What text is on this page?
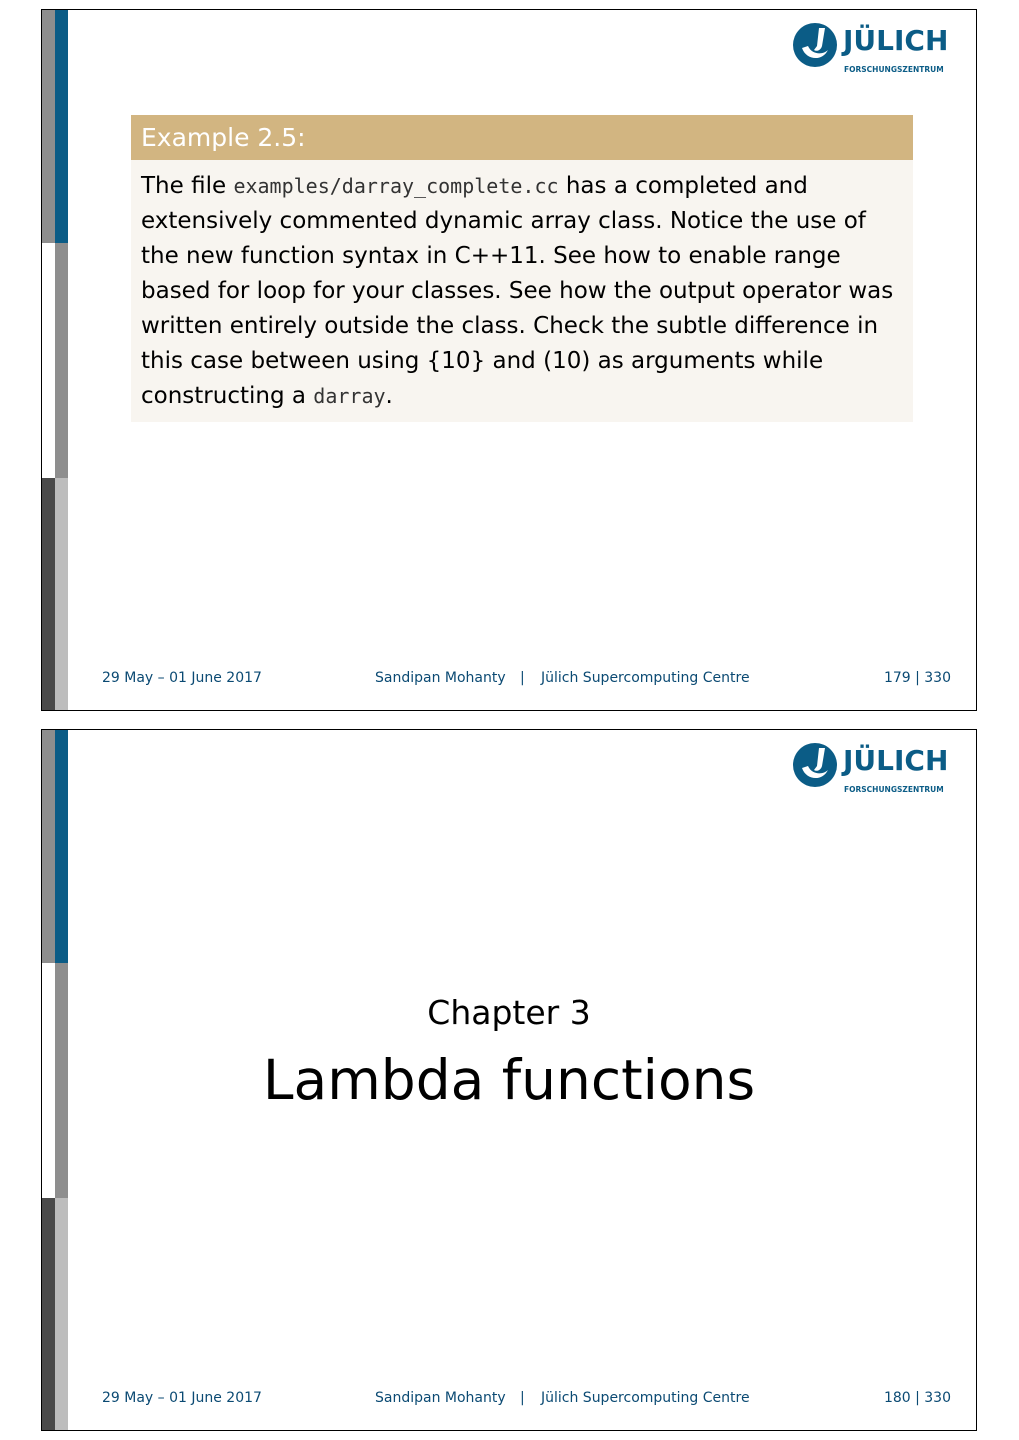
JÜLICH
FORSCHUNGSZENTRUM
Example 2.5:
The file examples/darray_complete.cc has a completed and extensively commented dynamic array class. Notice the use of the new function syntax in C++11. See how to enable range based for loop for your classes. See how the output operator was written entirely outside the class. Check the subtle difference in this case between using {10} and (10) as arguments while constructing a darray.
29 May – 01 June 2017	Sandipan Mohanty | Jülich Supercomputing Centre	179 | 330
JÜLICH
FORSCHUNGSZENTRUM
Chapter 3
Lambda functions
29 May – 01 June 2017	Sandipan Mohanty | Jülich Supercomputing Centre	180 | 330
